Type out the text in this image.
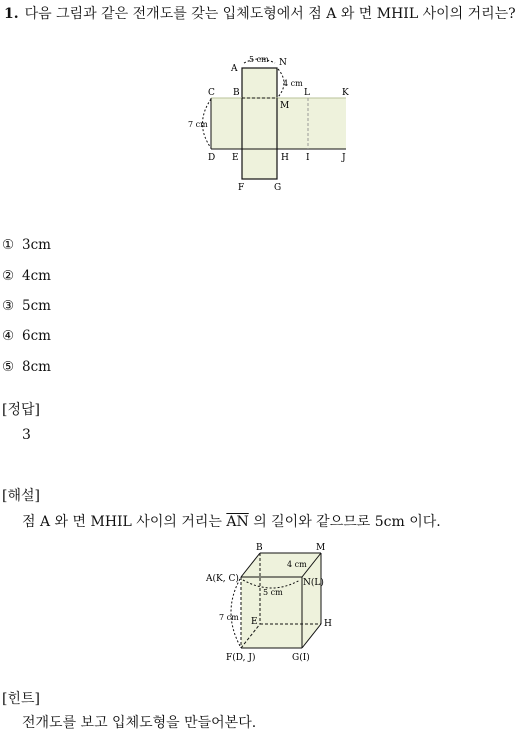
1. 다음 그림과 같은 전개도를 갖는 입체도형에서 점 A 와 면 MHIL 사이의 거리는?
A
N
5 cm
4 cm
7 cm
C B
M
L	K
D E	H I	J
F	G
① 3cm
② 4cm
③ 5cm
④ 6cm
⑤ 8cm
[정답]
3
[해설]
점 A 와 면 MHIL 사이의 거리는 $\overline{AN}$ 의 길이와 같으므로 5cm 이다.
B	M
4 cm
A(K, C)	N(L)
5 cm
7 cm E	H
F(D, J)	G(I)
[힌트]
전개도를 보고 입체도형을 만들어본다.
